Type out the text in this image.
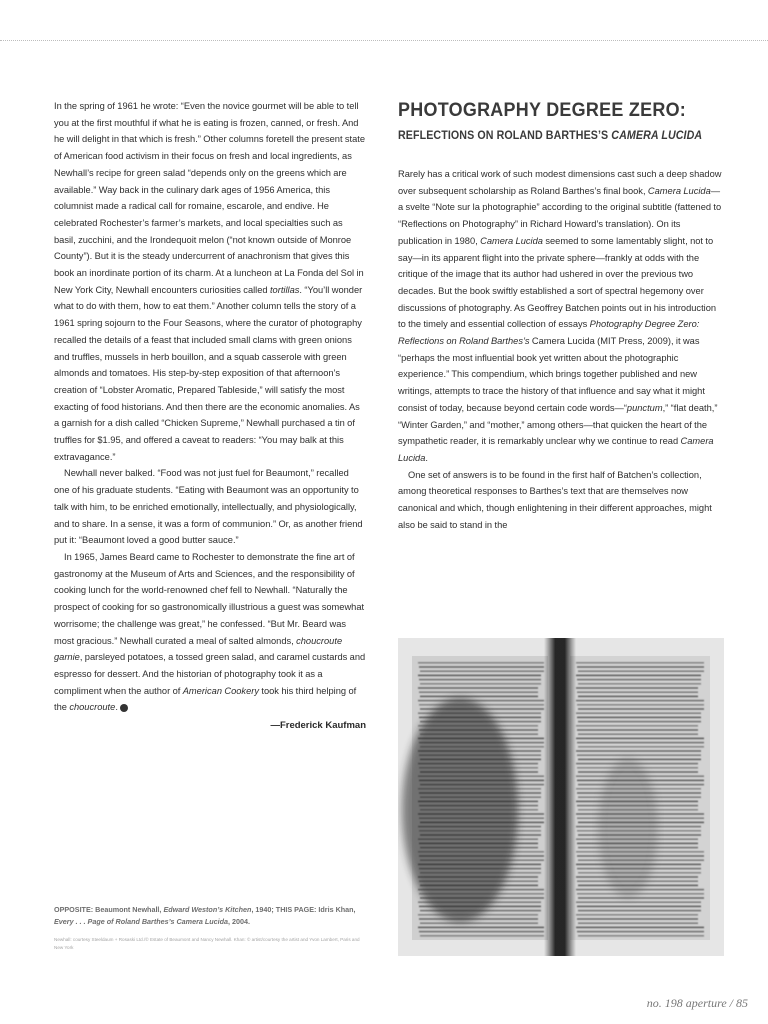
In the spring of 1961 he wrote: “Even the novice gourmet will be able to tell you at the first mouthful if what he is eating is frozen, canned, or fresh. And he will delight in that which is fresh.” Other columns foretell the present state of American food activism in their focus on fresh and local ingredients, as Newhall’s recipe for green salad “depends only on the greens which are available.” Way back in the culinary dark ages of 1956 America, this columnist made a radical call for romaine, escarole, and endive. He celebrated Rochester’s farmer’s markets, and local specialties such as basil, zucchini, and the Irondequoit melon (“not known outside of Monroe County”). But it is the steady undercurrent of anachronism that gives this book an inordinate portion of its charm. At a luncheon at La Fonda del Sol in New York City, Newhall encounters curiosities called tortillas. “You’ll wonder what to do with them, how to eat them.” Another column tells the story of a 1961 spring sojourn to the Four Seasons, where the curator of photography recalled the details of a feast that included small clams with green onions and truffles, mussels in herb bouillon, and a squab casserole with green almonds and tomatoes. His step-by-step exposition of that afternoon’s creation of “Lobster Aromatic, Prepared Tableside,” will satisfy the most exacting of food historians. And then there are the economic anomalies. As a garnish for a dish called “Chicken Supreme,” Newhall purchased a tin of truffles for $1.95, and offered a caveat to readers: “You may balk at this extravagance.”

Newhall never balked. “Food was not just fuel for Beaumont,” recalled one of his graduate students. “Eating with Beaumont was an opportunity to talk with him, to be enriched emotionally, intellectually, and physiologically, and to share. In a sense, it was a form of communion.” Or, as another friend put it: “Beaumont loved a good butter sauce.”

In 1965, James Beard came to Rochester to demonstrate the fine art of gastronomy at the Museum of Arts and Sciences, and the responsibility of cooking lunch for the world-renowned chef fell to Newhall. “Naturally the prospect of cooking for so gastronomically illustrious a guest was somewhat worrisome; the challenge was great,” he confessed. “But Mr. Beard was most gracious.” Newhall curated a meal of salted almonds, choucroute garnie, parsleyed potatoes, a tossed green salad, and caramel custards and espresso for dessert. And the historian of photography took it as a compliment when the author of American Cookery took his third helping of the choucroute. a

—Frederick Kaufman
OPPOSITE: Beaumont Newhall, Edward Weston’s Kitchen, 1940; THIS PAGE: Idris Khan, Every . . . Page of Roland Barthes’s Camera Lucida, 2004.
Newhall: courtesy Steeldaum + Rosaski Ltd./© Estate of Beaumont and Nancy Newhall. Khan: © artist/courtesy the artist and Yvon Lambert, Paris and New York
PHOTOGRAPHY DEGREE ZERO:
REFLECTIONS ON ROLAND BARTHES’S CAMERA LUCIDA

Rarely has a critical work of such modest dimensions cast such a deep shadow over subsequent scholarship as Roland Barthes’s final book, Camera Lucida—a svelte “Note sur la photographie” according to the original subtitle (fattened to “Reflections on Photography” in Richard Howard’s translation). On its publication in 1980, Camera Lucida seemed to some lamentably slight, not to say—in its apparent flight into the private sphere—frankly at odds with the critique of the image that its author had ushered in over the previous two decades. But the book swiftly established a sort of spectral hegemony over discussions of photography. As Geoffrey Batchen points out in his introduction to the timely and essential collection of essays Photography Degree Zero: Reflections on Roland Barthes’s Camera Lucida (MIT Press, 2009), it was “perhaps the most influential book yet written about the photographic experience.” This compendium, which brings together published and new writings, attempts to trace the history of that influence and say what it might consist of today, because beyond certain code words—“punctum,” “flat death,” “Winter Garden,” and “mother,” among others—that quicken the heart of the sympathetic reader, it is remarkably unclear why we continue to read Camera Lucida.

One set of answers is to be found in the first half of Batchen’s collection, among theoretical responses to Barthes’s text that are themselves now canonical and which, though enlightening in their different approaches, might also be said to stand in the

no. 198 aperture / 85
